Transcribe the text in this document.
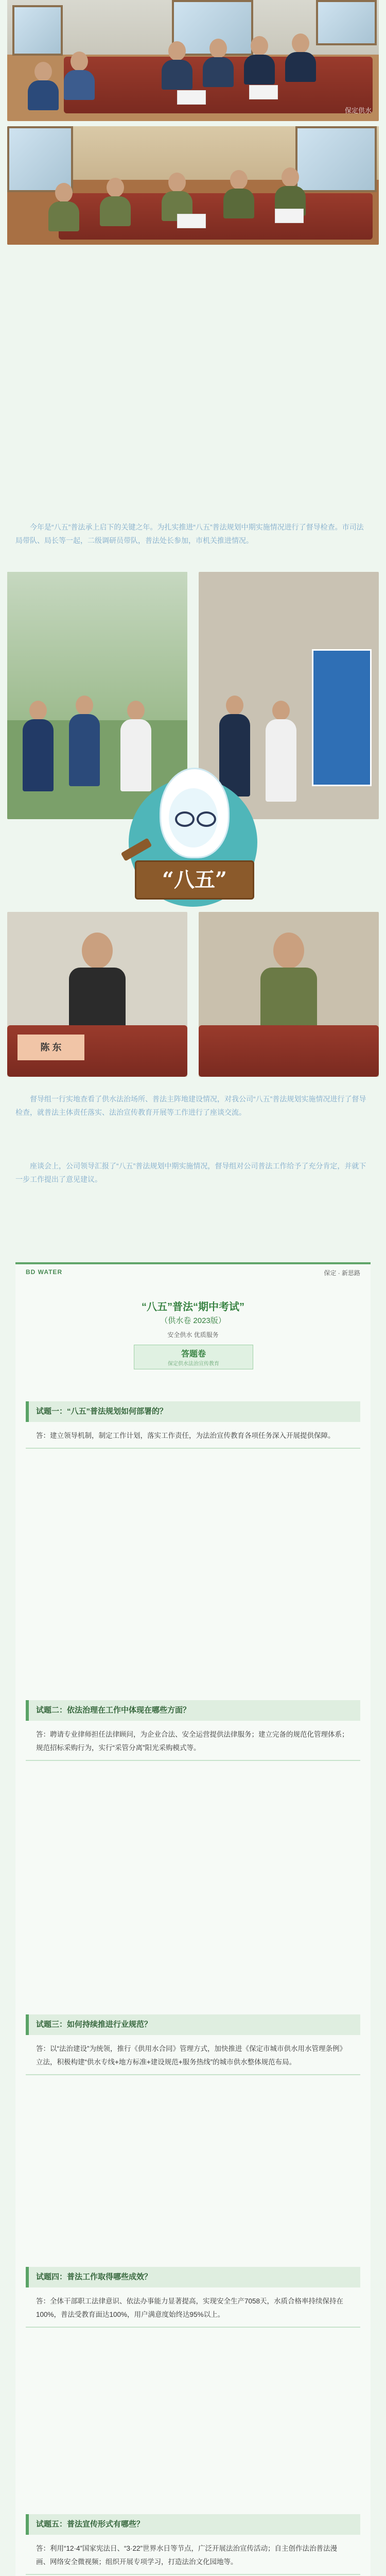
保定供水

今年是“八五”普法承上启下的关键之年。为扎实推进“八五”普法规划中期实施情况进行了督导检查。市司法局带队、局长等一起，二级调研员带队，普法处长参加，市机关推进情况。

“八五”
陈 东

督导组一行实地查看了供水法治场所、普法主阵地建设情况，对我公司“八五”普法规划实施情况进行了督导检查，就普法主体责任落实、法治宣传教育开展等工作进行了座谈交流。

座谈会上，公司领导汇报了“八五”普法规划中期实施情况，督导组对公司普法工作给予了充分肯定，并就下一步工作提出了意见建议。

BD WATER	保定 · 新思路
“八五”普法“期中考试”
（供水卷 2023版）
安全供水 优质服务
答题卷
保定供水法治宣传教育
试题一：“八五”普法规划如何部署的？
答：建立领导机制，制定工作计划，落实工作责任，为法治宣传教育各项任务深入开展提供保障。
试题二：依法治理在工作中体现在哪些方面？
答：聘请专业律师担任法律顾问，为企业合法、安全运营提供法律服务；建立完备的规范化管理体系；规范招标采购行为，实行“采管分离”阳光采购模式等。
试题三：如何持续推进行业规范？
答：以“法治建设”为统领，推行《供用水合同》管理方式，加快推进《保定市城市供水用水管理条例》立法，积极构建“供水专线+地方标准+建设规范+服务热线”的城市供水整体规范布局。
试题四：普法工作取得哪些成效？
答：全体干部职工法律意识、依法办事能力显著提高，实现安全生产7058天，水质合格率持续保持在100%，普法受教育面达100%，用户满意度始终达95%以上。
试题五：普法宣传形式有哪些？
答：利用“12·4”国家宪法日、“3·22”世界水日等节点，广泛开展法治宣传活动；自主创作法治普法漫画、网络安全微视频；组织开展专项学习，打造法治文化园地等。
